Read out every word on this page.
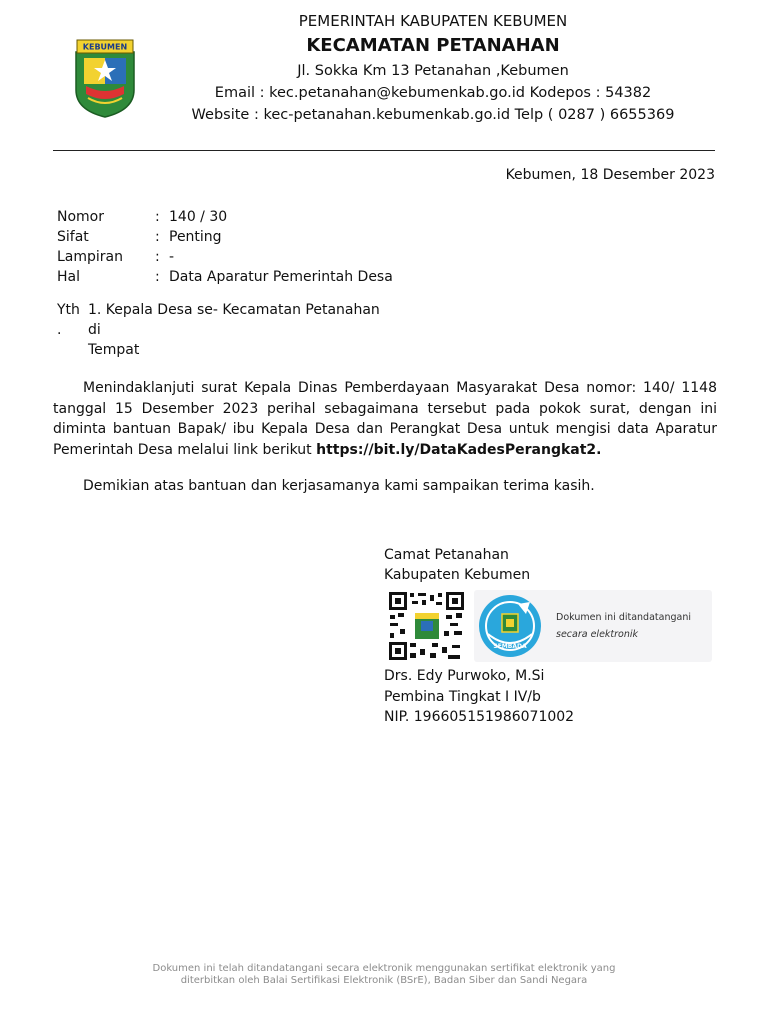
KEBUMEN
PEMERINTAH KABUPATEN KEBUMEN
KECAMATAN PETANAHAN
Jl. Sokka Km 13 Petanahan ,Kebumen
Email : kec.petanahan@kebumenkab.go.id Kodepos : 54382
Website : kec-petanahan.kebumenkab.go.id Telp ( 0287 ) 6655369
Kebumen, 18 Desember 2023
Nomor	: 140 / 30
Sifat	: Penting
Lampiran : -
Hal	: Data Aparatur Pemerintah Desa
Yth
.
1. Kepala Desa se- Kecamatan Petanahan
di
Tempat

Menindaklanjuti surat Kepala Dinas Pemberdayaan Masyarakat Desa nomor: 140/ 1148 tanggal 15 Desember 2023 perihal sebagaimana tersebut pada pokok surat, dengan ini diminta bantuan Bapak/ ibu Kepala Desa dan Perangkat Desa untuk mengisi data Aparatur Pemerintah Desa melalui link berikut https://bit.ly/DataKadesPerangkat2.

Demikian atas bantuan dan kerjasamanya kami sampaikan terima kasih.
Camat Petanahan
Kabupaten Kebumen
SEMBADA
Dokumen ini ditandatangani
secara elektronik
Drs. Edy Purwoko, M.Si
Pembina Tingkat I IV/b
NIP. 196605151986071002
Dokumen ini telah ditandatangani secara elektronik menggunakan sertifikat elektronik yang
diterbitkan oleh Balai Sertifikasi Elektronik (BSrE), Badan Siber dan Sandi Negara
